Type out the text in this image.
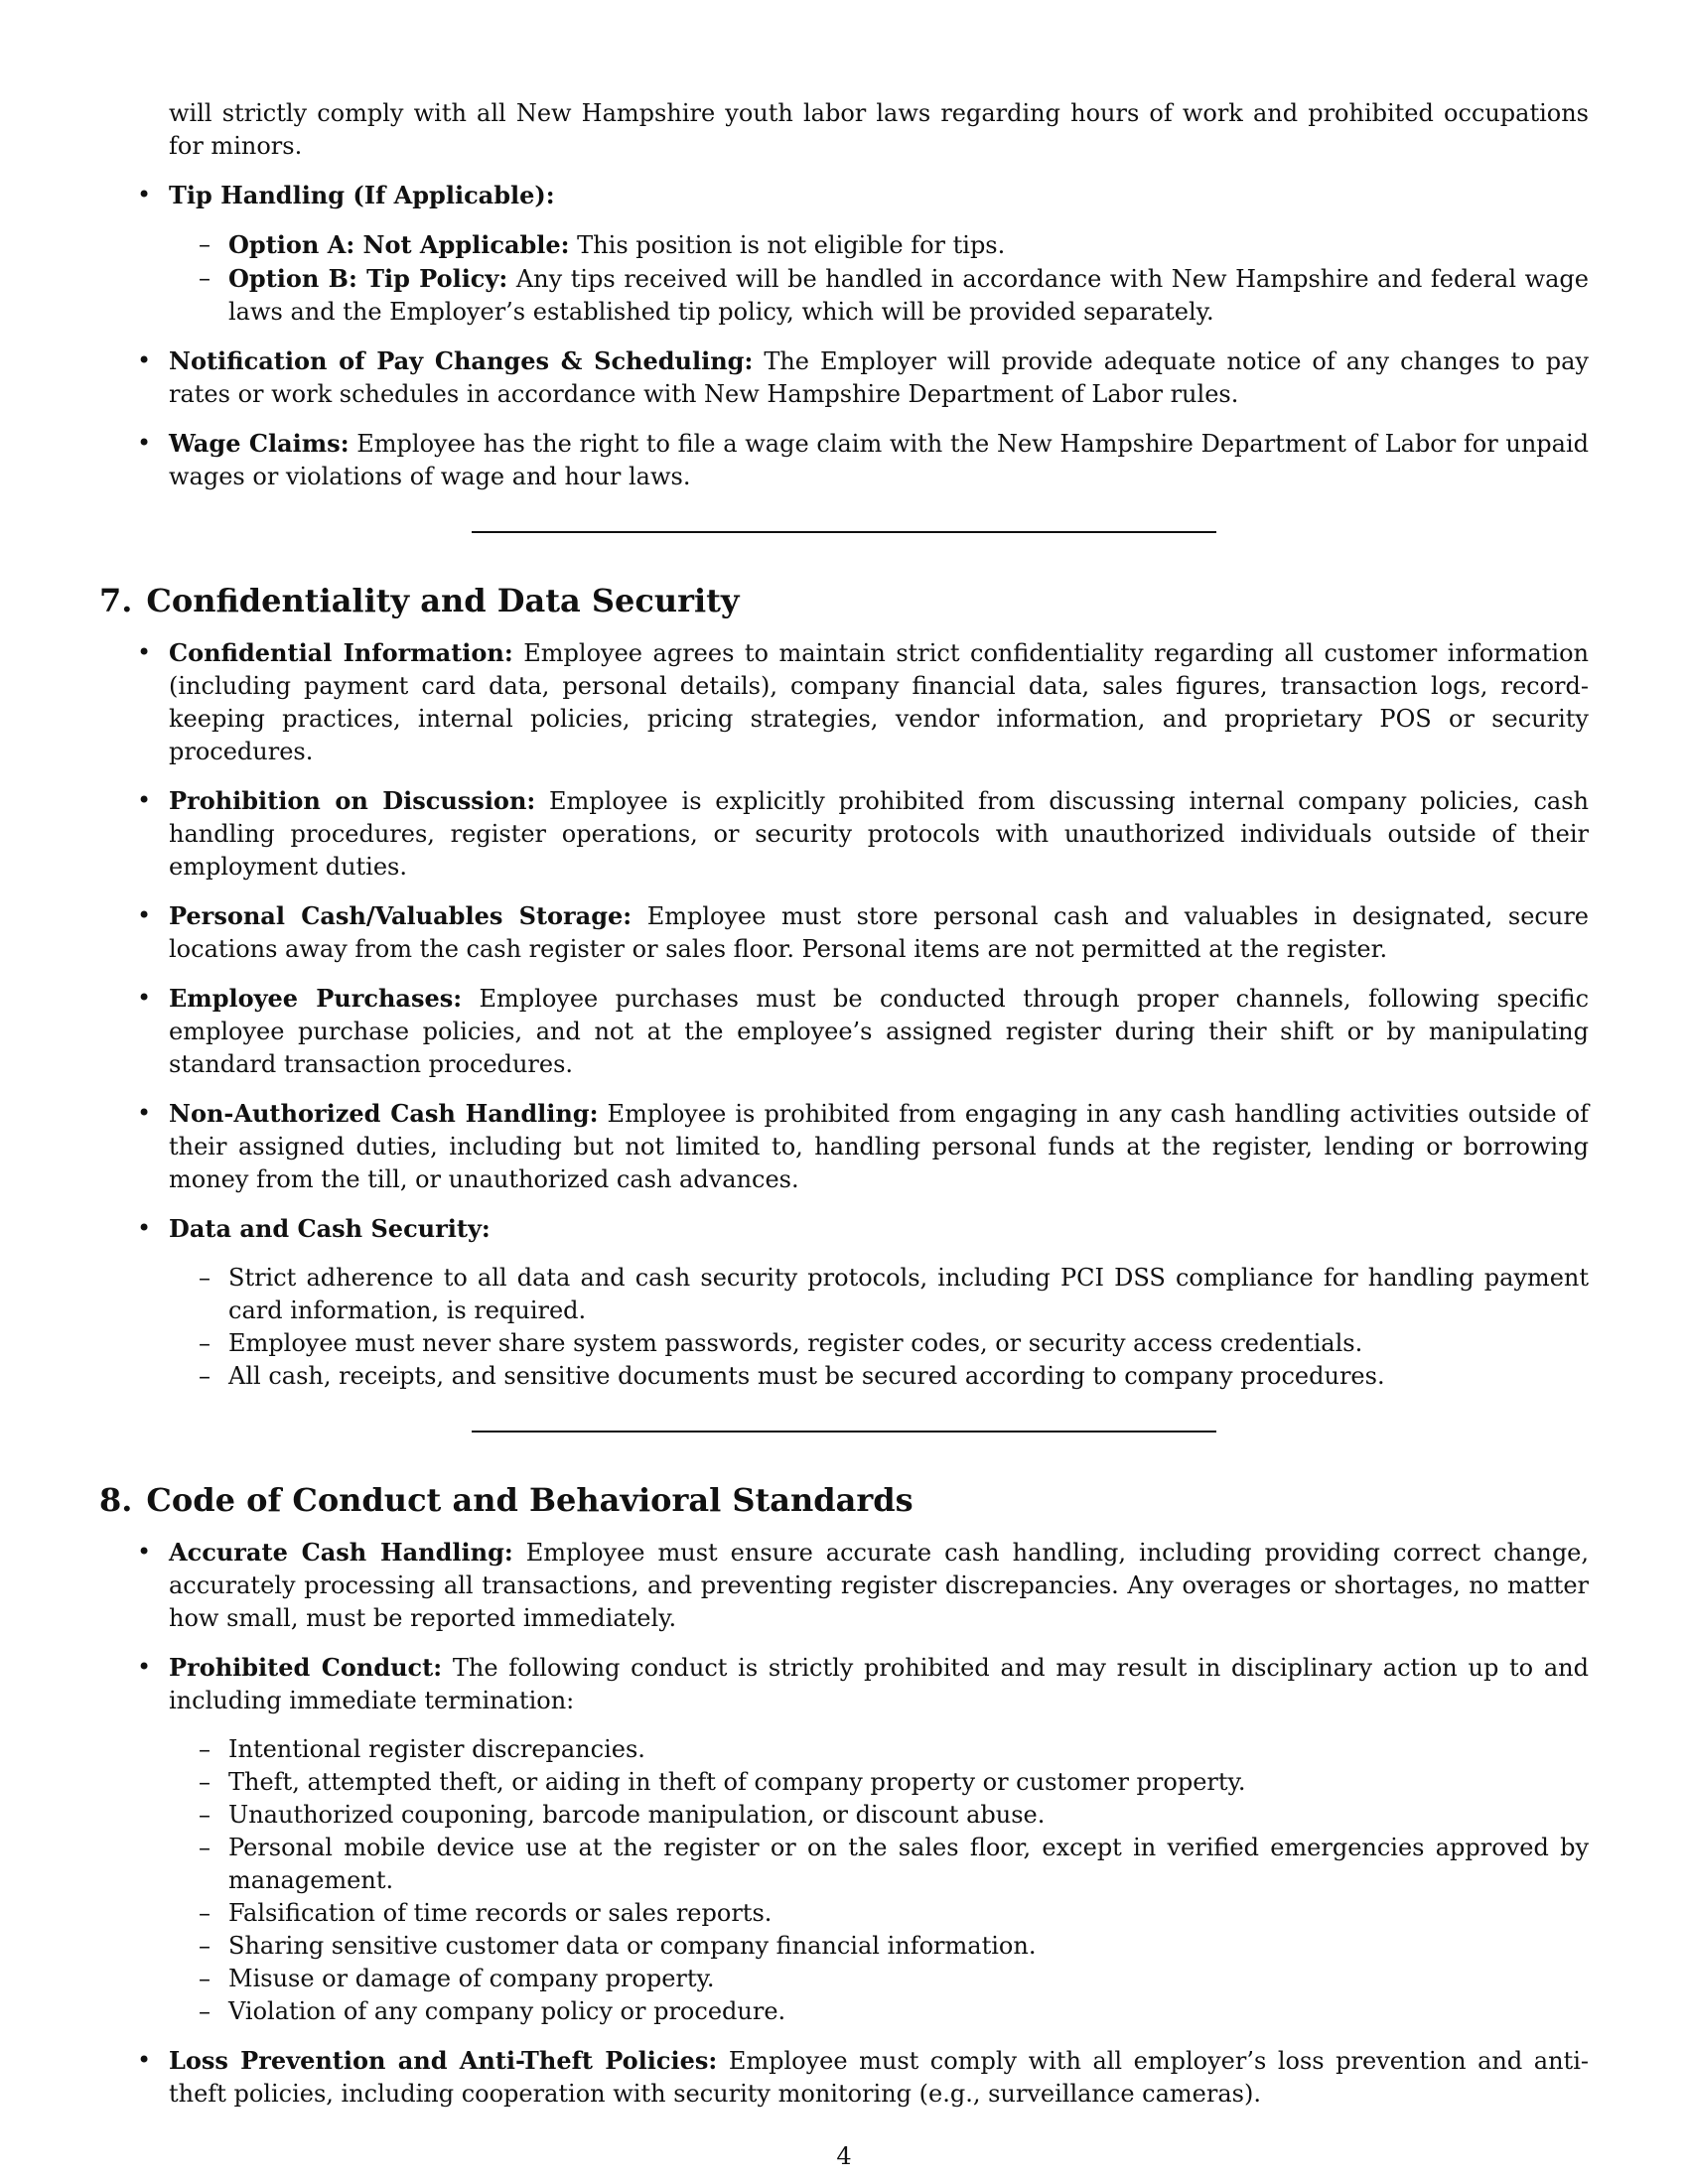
will strictly comply with all New Hampshire youth labor laws regarding hours of work and prohibited occupations for minors.

• Tip Handling (If Applicable):
– Option A: Not Applicable: This position is not eligible for tips.
– Option B: Tip Policy: Any tips received will be handled in accordance with New Hampshire and federal wage laws and the Employer’s established tip policy, which will be provided separately.
• Notification of Pay Changes & Scheduling: The Employer will provide adequate notice of any changes to pay rates or work schedules in accordance with New Hampshire Department of Labor rules.
• Wage Claims: Employee has the right to file a wage claim with the New Hampshire Department of Labor for unpaid wages or violations of wage and hour laws.
7. Confidentiality and Data Security
• Confidential Information: Employee agrees to maintain strict confidentiality regarding all customer information (including payment card data, personal details), company financial data, sales figures, transaction logs, record-keeping practices, internal policies, pricing strategies, vendor information, and proprietary POS or security procedures.
• Prohibition on Discussion: Employee is explicitly prohibited from discussing internal company policies, cash handling procedures, register operations, or security protocols with unauthorized individuals outside of their employment duties.
• Personal Cash/Valuables Storage: Employee must store personal cash and valuables in designated, secure locations away from the cash register or sales floor. Personal items are not permitted at the register.
• Employee Purchases: Employee purchases must be conducted through proper channels, following specific employee purchase policies, and not at the employee’s assigned register during their shift or by manipulating standard transaction procedures.
• Non-Authorized Cash Handling: Employee is prohibited from engaging in any cash handling activities outside of their assigned duties, including but not limited to, handling personal funds at the register, lending or borrowing money from the till, or unauthorized cash advances.
• Data and Cash Security:
– Strict adherence to all data and cash security protocols, including PCI DSS compliance for handling payment card information, is required.
– Employee must never share system passwords, register codes, or security access credentials.
– All cash, receipts, and sensitive documents must be secured according to company procedures.
8. Code of Conduct and Behavioral Standards
• Accurate Cash Handling: Employee must ensure accurate cash handling, including providing correct change, accurately processing all transactions, and preventing register discrepancies. Any overages or shortages, no matter how small, must be reported immediately.
• Prohibited Conduct: The following conduct is strictly prohibited and may result in disciplinary action up to and including immediate termination:
– Intentional register discrepancies.
– Theft, attempted theft, or aiding in theft of company property or customer property.
– Unauthorized couponing, barcode manipulation, or discount abuse.
– Personal mobile device use at the register or on the sales floor, except in verified emergencies approved by management.
– Falsification of time records or sales reports.
– Sharing sensitive customer data or company financial information.
– Misuse or damage of company property.
– Violation of any company policy or procedure.
• Loss Prevention and Anti-Theft Policies: Employee must comply with all employer’s loss prevention and anti-theft policies, including cooperation with security monitoring (e.g., surveillance cameras).
4
